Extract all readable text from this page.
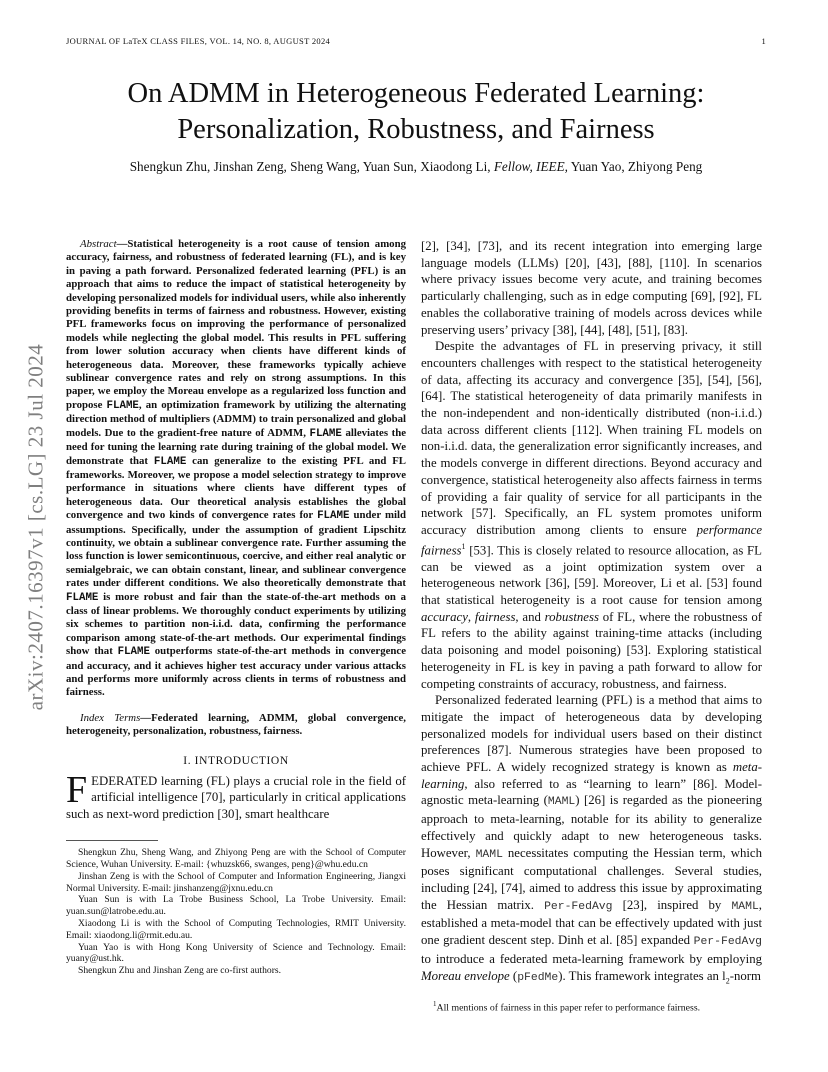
JOURNAL OF LaTeX CLASS FILES, VOL. 14, NO. 8, AUGUST 2024	1
arXiv:2407.16397v1 [cs.LG] 23 Jul 2024
On ADMM in Heterogeneous Federated Learning:
Personalization, Robustness, and Fairness
Shengkun Zhu, Jinshan Zeng, Sheng Wang, Yuan Sun, Xiaodong Li, Fellow, IEEE, Yuan Yao, Zhiyong Peng

Abstract—Statistical heterogeneity is a root cause of tension among accuracy, fairness, and robustness of federated learning (FL), and is key in paving a path forward. Personalized federated learning (PFL) is an approach that aims to reduce the impact of statistical heterogeneity by developing personalized models for individual users, while also inherently providing benefits in terms of fairness and robustness. However, existing PFL frameworks focus on improving the performance of personalized models while neglecting the global model. This results in PFL suffering from lower solution accuracy when clients have different kinds of heterogeneous data. Moreover, these frameworks typically achieve sublinear convergence rates and rely on strong assumptions. In this paper, we employ the Moreau envelope as a regularized loss function and propose FLAME, an optimization framework by utilizing the alternating direction method of multipliers (ADMM) to train personalized and global models. Due to the gradient-free nature of ADMM, FLAME alleviates the need for tuning the learning rate during training of the global model. We demonstrate that FLAME can generalize to the existing PFL and FL frameworks. Moreover, we propose a model selection strategy to improve performance in situations where clients have different types of heterogeneous data. Our theoretical analysis establishes the global convergence and two kinds of convergence rates for FLAME under mild assumptions. Specifically, under the assumption of gradient Lipschitz continuity, we obtain a sublinear convergence rate. Further assuming the loss function is lower semicontinuous, coercive, and either real analytic or semialgebraic, we can obtain constant, linear, and sublinear convergence rates under different conditions. We also theoretically demonstrate that FLAME is more robust and fair than the state-of-the-art methods on a class of linear problems. We thoroughly conduct experiments by utilizing six schemes to partition non-i.i.d. data, confirming the performance comparison among state-of-the-art methods. Our experimental findings show that FLAME outperforms state-of-the-art methods in convergence and accuracy, and it achieves higher test accuracy under various attacks and performs more uniformly across clients in terms of robustness and fairness.

Index Terms—Federated learning, ADMM, global convergence, heterogeneity, personalization, robustness, fairness.

I. INTRODUCTION

FEDERATED learning (FL) plays a crucial role in the field of artificial intelligence [70], particularly in critical applications such as next-word prediction [30], smart healthcare

Shengkun Zhu, Sheng Wang, and Zhiyong Peng are with the School of Computer Science, Wuhan University. E-mail: {whuzsk66, swanges, peng}@whu.edu.cn

Jinshan Zeng is with the School of Computer and Information Engineering, Jiangxi Normal University. E-mail: jinshanzeng@jxnu.edu.cn

Yuan Sun is with La Trobe Business School, La Trobe University. Email: yuan.sun@latrobe.edu.au.

Xiaodong Li is with the School of Computing Technologies, RMIT University. Email: xiaodong.li@rmit.edu.au.

Yuan Yao is with Hong Kong University of Science and Technology. Email: yuany@ust.hk.

Shengkun Zhu and Jinshan Zeng are co-first authors.

[2], [34], [73], and its recent integration into emerging large language models (LLMs) [20], [43], [88], [110]. In scenarios where privacy issues become very acute, and training becomes particularly challenging, such as in edge computing [69], [92], FL enables the collaborative training of models across devices while preserving users’ privacy [38], [44], [48], [51], [83].

Despite the advantages of FL in preserving privacy, it still encounters challenges with respect to the statistical heterogeneity of data, affecting its accuracy and convergence [35], [54], [56], [64]. The statistical heterogeneity of data primarily manifests in the non-independent and non-identically distributed (non-i.i.d.) data across different clients [112]. When training FL models on non-i.i.d. data, the generalization error significantly increases, and the models converge in different directions. Beyond accuracy and convergence, statistical heterogeneity also affects fairness in terms of providing a fair quality of service for all participants in the network [57]. Specifically, an FL system promotes uniform accuracy distribution among clients to ensure performance fairness$^1$ [53]. This is closely related to resource allocation, as FL can be viewed as a joint optimization system over a heterogeneous network [36], [59]. Moreover, Li et al. [53] found that statistical heterogeneity is a root cause for tension among accuracy, fairness, and robustness of FL, where the robustness of FL refers to the ability against training-time attacks (including data poisoning and model poisoning) [53]. Exploring statistical heterogeneity in FL is key in paving a path forward to allow for competing constraints of accuracy, robustness, and fairness.

Personalized federated learning (PFL) is a method that aims to mitigate the impact of heterogeneous data by developing personalized models for individual users based on their distinct preferences [87]. Numerous strategies have been proposed to achieve PFL. A widely recognized strategy is known as meta-learning, also referred to as “learning to learn” [86]. Model-agnostic meta-learning (MAML) [26] is regarded as the pioneering approach to meta-learning, notable for its ability to generalize effectively and quickly adapt to new heterogeneous tasks. However, MAML necessitates computing the Hessian term, which poses significant computational challenges. Several studies, including [24], [74], aimed to address this issue by approximating the Hessian matrix. Per-FedAvg [23], inspired by MAML, established a meta-model that can be effectively updated with just one gradient descent step. Dinh et al. [85] expanded Per-FedAvg to introduce a federated meta-learning framework by employing Moreau envelope (pFedMe). This framework integrates an $l_2$-norm

$^1$All mentions of fairness in this paper refer to performance fairness.
